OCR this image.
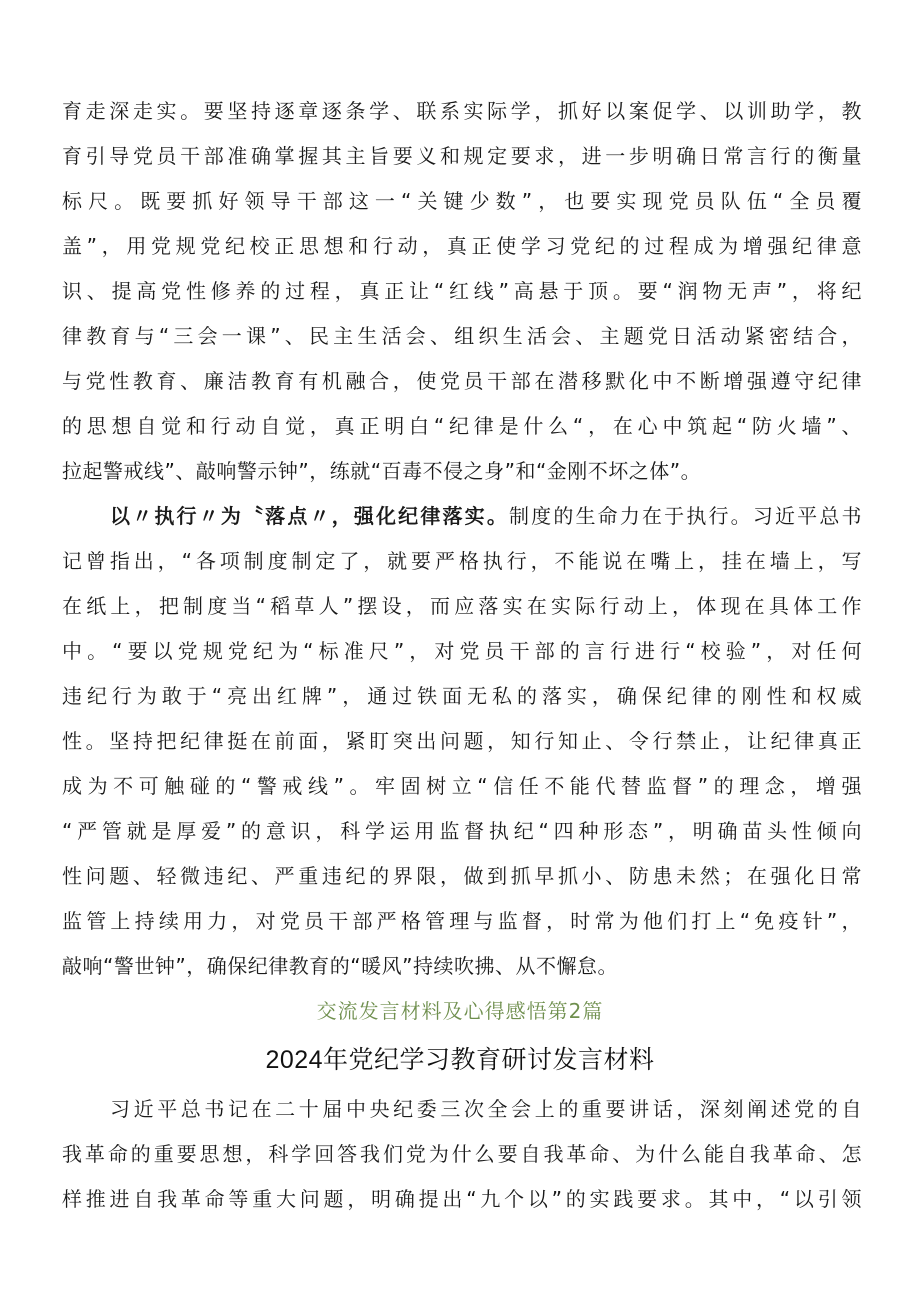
育走深走实。要坚持逐章逐条学、联系实际学，抓好以案促学、以训助学，教
育引导党员干部准确掌握其主旨要义和规定要求，进一步明确日常言行的衡量
标尺。既要抓好领导干部这一“关键少数”，也要实现党员队伍“全员覆
盖”，用党规党纪校正思想和行动，真正使学习党纪的过程成为增强纪律意
识、提高党性修养的过程，真正让“红线”高悬于顶。要“润物无声”，将纪
律教育与“三会一课”、民主生活会、组织生活会、主题党日活动紧密结合，
与党性教育、廉洁教育有机融合，使党员干部在潜移默化中不断增强遵守纪律
的思想自觉和行动自觉，真正明白“纪律是什么“，在心中筑起“防火墙”、
拉起警戒线”、敲响警示钟”，练就“百毒不侵之身”和“金刚不坏之体”。
以〃执行〃为〝落点〃，强化纪律落实。制度的生命力在于执行。习近平总书
记曾指出，“各项制度制定了，就要严格执行，不能说在嘴上，挂在墙上，写
在纸上，把制度当“稻草人”摆设，而应落实在实际行动上，体现在具体工作
中。“要以党规党纪为“标准尺”，对党员干部的言行进行“校验”，对任何
违纪行为敢于“亮出红牌”，通过铁面无私的落实，确保纪律的刚性和权威
性。坚持把纪律挺在前面，紧盯突出问题，知行知止、令行禁止，让纪律真正
成为不可触碰的“警戒线”。牢固树立“信任不能代替监督”的理念，增强
“严管就是厚爱”的意识，科学运用监督执纪“四种形态”，明确苗头性倾向
性问题、轻微违纪、严重违纪的界限，做到抓早抓小、防患未然；在强化日常
监管上持续用力，对党员干部严格管理与监督，时常为他们打上“免疫针”，
敲响“警世钟”，确保纪律教育的“暖风”持续吹拂、从不懈怠。
交流发言材料及心得感悟第2篇
2024年党纪学习教育研讨发言材料
习近平总书记在二十届中央纪委三次全会上的重要讲话，深刻阐述党的自
我革命的重要思想，科学回答我们党为什么要自我革命、为什么能自我革命、怎
样推进自我革命等重大问题，明确提出“九个以”的实践要求。其中，“以引领
